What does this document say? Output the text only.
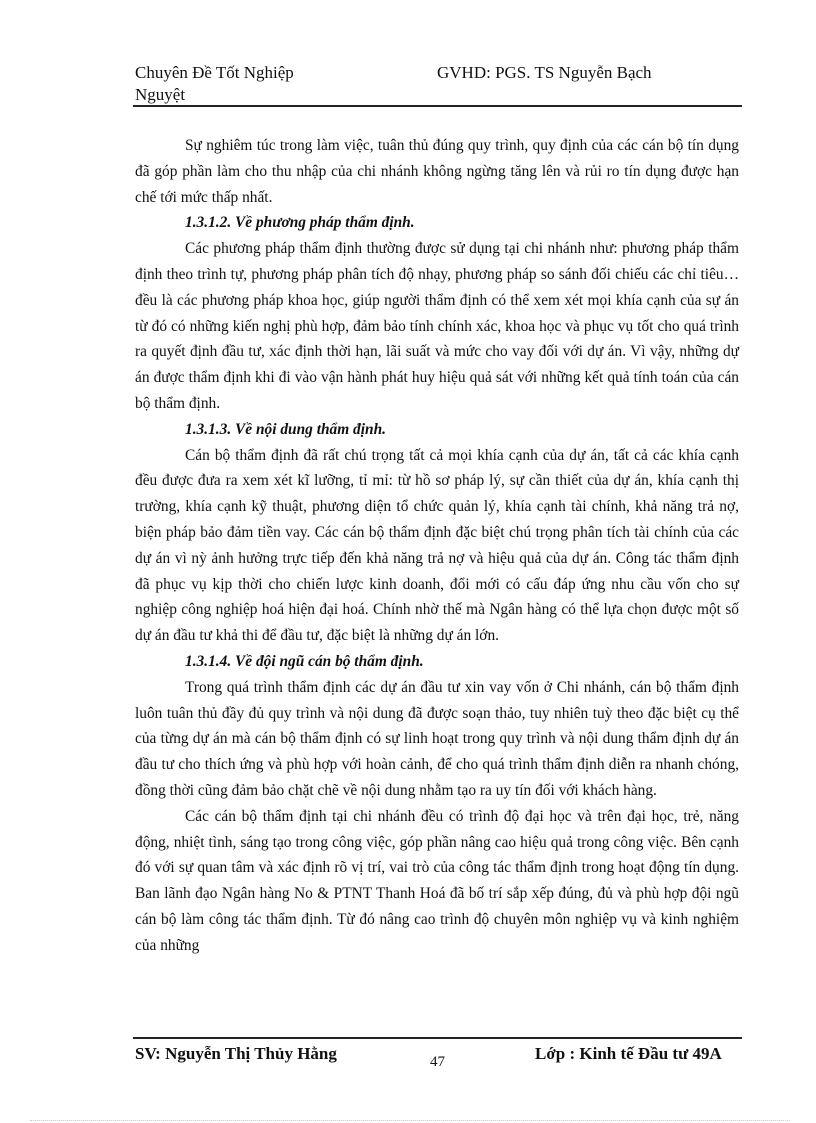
Chuyên Đề Tốt Nghiệp
Nguyệt
GVHD: PGS. TS Nguyễn Bạch

Sự nghiêm túc trong làm việc, tuân thủ đúng quy trình, quy định của các cán bộ tín dụng đã góp phần làm cho thu nhập của chi nhánh không ngừng tăng lên và rủi ro tín dụng được hạn chế tới mức thấp nhất.

1.3.1.2. Về phương pháp thẩm định.

Các phương pháp thẩm định thường được sử dụng tại chi nhánh như: phương pháp thẩm định theo trình tự, phương pháp phân tích độ nhạy, phương pháp so sánh đối chiếu các chỉ tiêu…đều là các phương pháp khoa học, giúp người thẩm định có thể xem xét mọi khía cạnh của sự án từ đó có những kiến nghị phù hợp, đảm bảo tính chính xác, khoa học và phục vụ tốt cho quá trình ra quyết định đầu tư, xác định thời hạn, lãi suất và mức cho vay đối với dự án. Vì vậy, những dự án được thẩm định khi đi vào vận hành phát huy hiệu quả sát với những kết quả tính toán của cán bộ thẩm định.

1.3.1.3. Về nội dung thẩm định.

Cán bộ thẩm định đã rất chú trọng tất cả mọi khía cạnh của dự án, tất cả các khía cạnh đều được đưa ra xem xét kĩ lưỡng, tỉ mỉ: từ hồ sơ pháp lý, sự cần thiết của dự án, khía cạnh thị trường, khía cạnh kỹ thuật, phương diện tổ chức quản lý, khía cạnh tài chính, khả năng trả nợ, biện pháp bảo đảm tiền vay. Các cán bộ thẩm định đặc biệt chú trọng phân tích tài chính của các dự án vì nỳ ảnh hưởng trực tiếp đến khả năng trả nợ và hiệu quả của dự án. Công tác thẩm định đã phục vụ kịp thời cho chiến lược kinh doanh, đổi mới có cấu đáp ứng nhu cầu vốn cho sự nghiệp công nghiệp hoá hiện đại hoá. Chính nhờ thế mà Ngân hàng có thể lựa chọn được một số dự án đầu tư khả thi để đầu tư, đặc biệt là những dự án lớn.

1.3.1.4. Về đội ngũ cán bộ thẩm định.

Trong quá trình thẩm định các dự án đầu tư xin vay vốn ở Chi nhánh, cán bộ thẩm định luôn tuân thủ đầy đủ quy trình và nội dung đã được soạn thảo, tuy nhiên tuỳ theo đặc biệt cụ thể của từng dự án mà cán bộ thẩm định có sự linh hoạt trong quy trình và nội dung thẩm định dự án đầu tư cho thích ứng và phù hợp với hoàn cảnh, để cho quá trình thẩm định diễn ra nhanh chóng, đồng thời cũng đảm bảo chặt chẽ về nội dung nhằm tạo ra uy tín đối với khách hàng.

Các cán bộ thẩm định tại chi nhánh đều có trình độ đại học và trên đại học, trẻ, năng động, nhiệt tình, sáng tạo trong công việc, góp phần nâng cao hiệu quả trong công việc. Bên cạnh đó với sự quan tâm và xác định rõ vị trí, vai trò của công tác thẩm định trong hoạt động tín dụng. Ban lãnh đạo Ngân hàng No & PTNT Thanh Hoá đã bố trí sắp xếp đúng, đủ và phù hợp đội ngũ cán bộ làm công tác thẩm định. Từ đó nâng cao trình độ chuyên môn nghiệp vụ và kinh nghiệm của những

SV: Nguyễn Thị Thủy Hằng	47	Lớp : Kinh tế Đầu tư 49A
